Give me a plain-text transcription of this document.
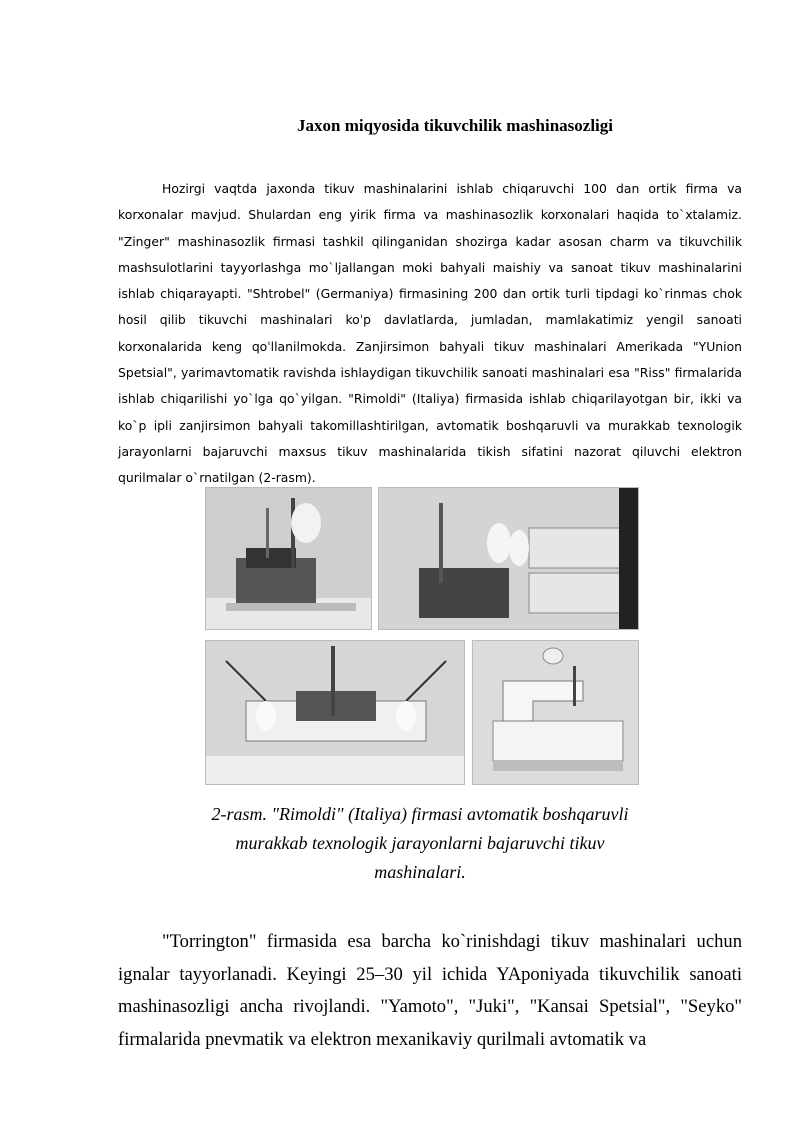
Jaxon miqyosida tikuvchilik mashinasozligi

Hozirgi vaqtda jaxonda tikuv mashinalarini ishlab chiqaruvchi 100 dan ortik firma va korxonalar mavjud. Shulardan eng yirik firma va mashinasozlik korxonalari haqida to`xtalamiz. "Zinger" mashinasozlik firmasi tashkil qilinganidan shozirga kadar asosan charm va tikuvchilik mashsulotlarini tayyorlashga mo`ljallangan moki bahyali maishiy va sanoat tikuv mashinalarini ishlab chiqarayapti. "Shtrobel" (Germaniya) firmasining 200 dan ortik turli tipdagi ko`rinmas chok hosil qilib tikuvchi mashinalari koˈp davlatlarda, jumladan, mamlakatimiz yengil sanoati korxonalarida keng qoˈllanilmokda. Zanjirsimon bahyali tikuv mashinalari Amerikada "YUnion Spetsial", yarimavtomatik ravishda ishlaydigan tikuvchilik sanoati mashinalari esa "Riss" firmalarida ishlab chiqarilishi yo`lga qo`yilgan. "Rimoldi" (Italiya) firmasida ishlab chiqarilayotgan bir, ikki va ko`p ipli zanjirsimon bahyali takomillashtirilgan, avtomatik boshqaruvli va murakkab texnologik jarayonlarni bajaruvchi maxsus tikuv mashinalarida tikish sifatini nazorat qiluvchi elektron qurilmalar o`rnatilgan (2-rasm).

2-rasm. "Rimoldi" (Italiya) firmasi avtomatik boshqaruvli
murakkab texnologik jarayonlarni bajaruvchi tikuv
mashinalari.

"Torrington" firmasida esa barcha ko`rinishdagi tikuv mashinalari uchun ignalar tayyorlanadi. Keyingi 25–30 yil ichida YAponiyada tikuvchilik sanoati mashinasozligi ancha rivojlandi. "Yamoto", "Juki", "Kansai Spetsial", "Seyko" firmalarida pnevmatik va elektron mexanikaviy qurilmali avtomatik va
